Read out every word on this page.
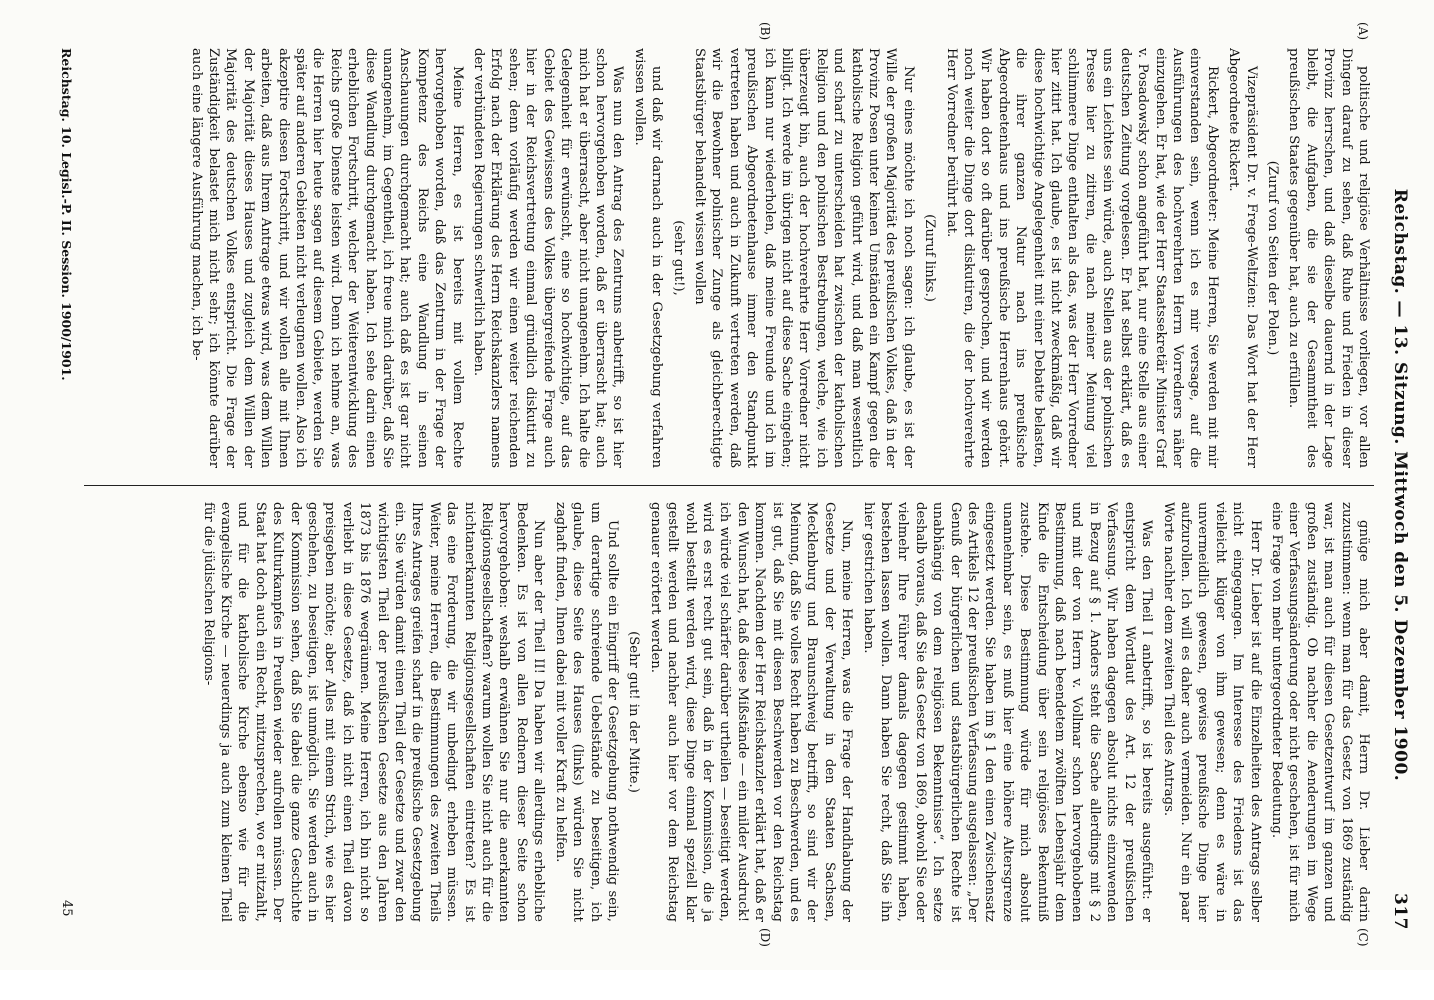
Reichstag. — 13. Sitzung. Mittwoch den 5. Dezember 1900.
317
(A)
(B)
(C)
(D)

politische und religiöse Verhältnisse vorliegen, vor allen Dingen darauf zu sehen, daß Ruhe und Frieden in dieser Provinz herrschen, und daß dieselbe dauernd in der Lage bleibt, die Aufgaben, die sie der Gesammtheit des preußischen Staates gegenüber hat, auch zu erfüllen.

(Zuruf von Seiten der Polen.)

Vizepräsident Dr. v. Frege-Weltzien: Das Wort hat der Herr Abgeordnete Rickert.

Rickert, Abgeordneter: Meine Herren, Sie werden mit mir einverstanden sein, wenn ich es mir versage, auf die Ausführungen des hochverehrten Herrn Vorredners näher einzugehen. Er hat, wie der Herr Staatssekretär Minister Graf v. Posadowsky schon angeführt hat, nur eine Stelle aus einer deutschen Zeitung vorgelesen. Er hat selbst erklärt, daß es uns ein Leichtes sein würde, auch Stellen aus der polnischen Presse hier zu zitiren, die nach meiner Meinung viel schlimmere Dinge enthalten als das, was der Herr Vorredner hier zitirt hat. Ich glaube, es ist nicht zweckmäßig, daß wir diese hochwichtige Angelegenheit mit einer Debatte belasten, die ihrer ganzen Natur nach ins preußische Abgeordnetenhaus und ins preußische Herrenhaus gehört. Wir haben dort so oft darüber gesprochen, und wir werden noch weiter die Dinge dort diskutiren, die der hochverehrte Herr Vorredner berührt hat.

(Zuruf links.)

Nur eines möchte ich noch sagen: ich glaube, es ist der Wille der großen Majorität des preußischen Volkes, daß in der Provinz Posen unter keinen Umständen ein Kampf gegen die katholische Religion geführt wird, und daß man wesentlich und scharf zu unterscheiden hat zwischen der katholischen Religion und den polnischen Bestrebungen, welche, wie ich überzeugt bin, auch der hochverehrte Herr Vorredner nicht billigt. Ich werde im übrigen nicht auf diese Sache eingehen; ich kann nur wiederholen, daß meine Freunde und ich im preußischen Abgeordnetenhause immer den Standpunkt vertreten haben und auch in Zukunft vertreten werden, daß wir die Bewohner polnischer Zunge als gleichberechtigte Staatsbürger behandelt wissen wollen

(sehr gut!),

und daß wir darnach auch in der Gesetzgebung verfahren wissen wollen.

Was nun den Antrag des Zentrums anbetrifft, so ist hier schon hervorgehoben worden, daß er überrascht hat; auch mich hat er überrascht, aber nicht unangenehm. Ich halte die Gelegenheit für erwünscht, eine so hochwichtige, auf das Gebiet des Gewissens des Volkes übergreifende Frage auch hier in der Reichsvertretung einmal gründlich diskutirt zu sehen; denn vorläufig werden wir einen weiter reichenden Erfolg nach der Erklärung des Herrn Reichskanzlers namens der verbündeten Regierungen schwerlich haben.

Meine Herren, es ist bereits mit vollem Rechte hervorgehoben worden, daß das Zentrum in der Frage der Kompetenz des Reichs eine Wandlung in seinen Anschauungen durchgemacht hat; auch daß es ist gar nicht unangenehm, im Gegentheil, ich freue mich darüber, daß Sie diese Wandlung durchgemacht haben. Ich sehe darin einen erheblichen Fortschritt, welcher der Weiterentwicklung des Reichs große Dienste leisten wird. Denn ich nehme an, was die Herren hier heute sagen auf diesem Gebiete, werden Sie später auf anderen Gebieten nicht verleugnen wollen. Also ich akzeptire diesen Fortschritt, und wir wollen alle mit Ihnen arbeiten, daß aus Ihrem Antrage etwas wird, was dem Willen der Majorität dieses Hauses und zugleich dem Willen der Majorität des deutschen Volkes entspricht. Die Frage der Zuständigkeit belastet mich nicht sehr; ich könnte darüber auch eine längere Ausführung machen, ich be-

gnüge mich aber damit, Herrn Dr. Lieber darin zuzustimmen: wenn man für das Gesetz von 1869 zuständig war, ist man auch für diesen Gesetzentwurf im ganzen und großen zuständig. Ob nachher die Aenderungen im Wege einer Verfassungsänderung oder nicht geschehen, ist für mich eine Frage von mehr untergeordneter Bedeutung.

Herr Dr. Lieber ist auf die Einzelheiten des Antrags selber nicht eingegangen. Im Interesse des Friedens ist das vielleicht klüger von ihm gewesen; denn es wäre in unvermeidlich gewesen, gewisse preußische Dinge hier aufzurollen. Ich will es daher auch vermeiden. Nur ein paar Worte nachher dem zweiten Theil des Antrags.

Was den Theil I anbetrifft, so ist bereits ausgeführt: er entspricht dem Wortlaut des Art. 12 der preußischen Verfassung. Wir haben dagegen absolut nichts einzuwenden in Bezug auf § 1. Anders steht die Sache allerdings mit § 2 und mit der von Herrn v. Vollmar schon hervorgehobenen Bestimmung, daß nach beendetem zwölften Lebensjahr dem Kinde die Entscheidung über sein religiöses Bekenntniß zustehe. Diese Bestimmung würde für mich absolut unannehmbar sein, es muß hier eine höhere Altersgrenze eingesetzt werden. Sie haben im § 1 den einen Zwischensatz des Artikels 12 der preußischen Verfassung ausgelassen: „Der Genuß der bürgerlichen und staatsbürgerlichen Rechte ist unabhängig von dem religiösen Bekenntnisse“. Ich setze deshalb voraus, daß Sie das Gesetz von 1869, obwohl Sie oder vielmehr Ihre Führer damals dagegen gestimmt haben, bestehen lassen wollen. Dann haben Sie recht, daß Sie ihn hier gestrichen haben.

Nun, meine Herren, was die Frage der Handhabung der Gesetze und der Verwaltung in den Staaten Sachsen, Mecklenburg und Braunschweig betrifft, so sind wir der Meinung, daß Sie volles Recht haben zu Beschwerden, und es ist gut, daß Sie mit diesen Beschwerden vor den Reichstag kommen. Nachdem der Herr Reichskanzler erklärt hat, daß er den Wunsch hat, daß diese Mißstände — ein milder Ausdruck! ich würde viel schärfer darüber urtheilen — beseitigt werden, wird es erst recht gut sein, daß in der Kommission, die ja wohl bestellt werden wird, diese Dinge einmal speziell klar gestellt werden und nachher auch hier vor dem Reichstag genauer erörtert werden.

(Sehr gut! in der Mitte.)

Und sollte ein Eingriff der Gesetzgebung nothwendig sein, um derartige schreiende Uebelstände zu beseitigen, ich glaube, diese Seite des Hauses (links) würden Sie nicht zaghaft finden, Ihnen dabei mit voller Kraft zu helfen.

Nun aber der Theil II! Da haben wir allerdings erhebliche Bedenken. Es ist von allen Rednern dieser Seite schon hervorgehoben: weshalb erwähnen Sie nur die anerkannten Religionsgesellschaften? warum wollen Sie nicht auch für die nichtanerkannten Religionsgesellschaften eintreten? Es ist das eine Forderung, die wir unbedingt erheben müssen. Weiter, meine Herren, die Bestimmungen des zweiten Theils Ihres Antrages greifen scharf in die preußische Gesetzgebung ein. Sie würden damit einen Theil der Gesetze und zwar den wichtigsten Theil der preußischen Gesetze aus den Jahren 1873 bis 1876 wegräumen. Meine Herren, ich bin nicht so verliebt in diese Gesetze, daß ich nicht einen Theil davon preisgeben möchte; aber Alles mit einem Strich, wie es hier geschehen, zu beseitigen, ist unmöglich. Sie werden auch in der Kommission sehen, daß Sie dabei die ganze Geschichte des Kulturkampfes in Preußen wieder aufrollen müssen. Der Staat hat doch auch ein Recht, mitzusprechen, wo er mitzahlt, und für die katholische Kirche ebenso wie für die evangelische Kirche — neuerdings ja auch zum kleinen Theil für die jüdischen Religions-

Reichstag. 10. Legisl.-P. II. Session. 1900/1901.
45
